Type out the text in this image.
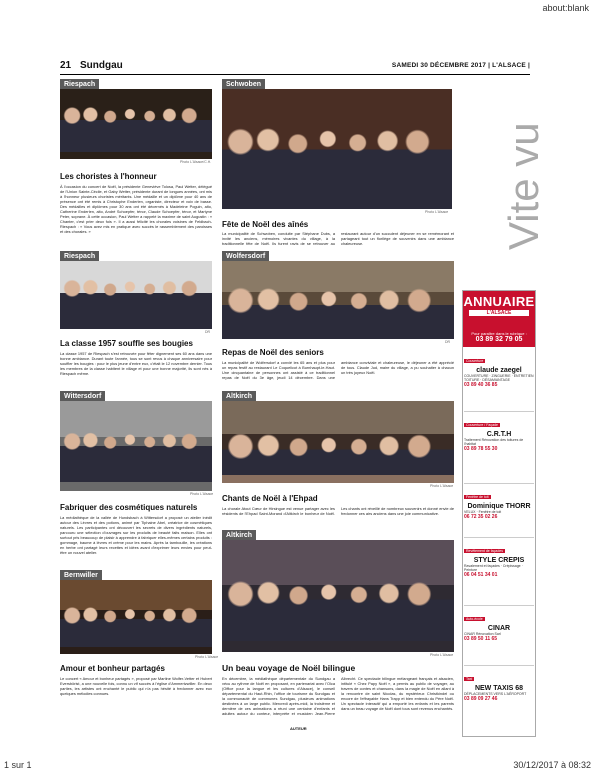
about:blank
1 sur 1	30/12/2017 à 08:32
21 Sundgau	SAMEDI 30 DÉCEMBRE 2017 | L'ALSACE |
Riespach
Photo L'Alsace/C.H.
Les choristes à l'honneur
À l'occasion du concert de Noël, la présidente Geneviève Tolosa, Paul Wetter, délégué de l'Union Sainte-Cécile, et Gaby Wetter, présidente durant de longues années, ont mis à l'honneur plusieurs choristes méritants. Une médaille et un diplôme pour 40 ans de présence ont été remis à Christophe Enderlen, organiste, directeur et voix de basse. Des médailles et diplômes pour 30 ans ont été décernés à Madeleine Poguin, alto, Catherine Enderlen, alto, André Schoepfer, ténor, Claude Schoepfer, ténor, et Martyne Peter, soprane. À cette occasion, Paul Wetter a rappelé la maxime de saint Augustin : « Chanter, c'est prier deux fois ». Il a aussi félicité les chorales voisines de Feldbach-Riespach : « Vous avez mis en pratique avec succès le rassemblement des paroisses et des chorales. »
Schwoben
Photo L'Alsace
Fête de Noël des aînés
La municipalité de Schwoben, conduite par Stéphane Dubs, a invité les anciens, mémoires vivantes du village, à la traditionnelle fête de Noël. Ils furent ravis de se retrouver au restaurant autour d'un succulent déjeuner en se remémorant et partageant tout un florilège de souvenirs dans une ambiance chaleureuse.	Vite vu
Riespach
DR
La classe 1957 souffle ses bougies
La classe 1957 de Riespach s'est retrouvée pour fêter dignement ses 60 ans dans une bonne ambiance. Durant toute l'année, tous se sont revus à chaque anniversaire pour souffler les bougies : pour le plus jeune d'entre eux, c'était le 12 novembre dernier. Tous les membres de la classe habitent le village et pour une bonne majorité, ils sont nés à Riespach même.
Wolfersdorf
DR
Repas de Noël des seniors
La municipalité de Wolfersdorf a convié les 65 ans et plus pour un repas festif au restaurant Le Coquelicot à Burnhaupt-le-Haut. Une cinquantaine de personnes ont assisté à ce traditionnel repas de Noël du 3e âge, jeudi 14 décembre. Dans une ambiance conviviale et chaleureuse, le déjeuner a été apprécié de tous. Claude Jud, maire du village, a pu souhaiter à chacun un très joyeux Noël.
Wittersdorf
Photo L'Alsace
Fabriquer des cosmétiques naturels
La médiathèque de la vallée de Hundsbach à Wittersdorf a proposé un atelier inédit autour des Lèvres et des potions, animé par Tiphaine Abel, créatrice de cosmétiques naturels. Les participantes ont découvert les secrets de divers ingrédients naturels, parcouru une sélection d'ouvrages sur les produits de beauté faits maison. Elles ont surtout pris beaucoup de plaisir à apprendre à fabriquer elles-mêmes certains produits : gommage, baume à lèvres et crème pour les mains. Après la tambouille, les créations en herbe ont partagé leurs recettes et idées avant d'exprimer leurs envies pour peut-être un nouvel atelier.
Altkirch
Photo L'Alsace
Chants de Noël à l'Ehpad
La chorale Atout Cœur de Hirsingue est venue partager avec les résidents de l'Ehpad Saint-Morand d'Altkirch le bonheur de Noël. Les chants ont réveillé de nombreux souvenirs et donné envie de fredonner ces airs anciens dans une joie communicative.
Bernwiller
Photo L'Alsace
Amour et bonheur partagés
Le concert « Amour et bonheur partagés », proposé par Martine Wolfer-Vetter et Hubert Eversbörist, a une nouvelle fois, connu un vif succès à l'église d'Ammertzwiller. En deux parties, les artistes ont enchanté le public qui n'a pas hésité à fredonner avec eux quelques mélodies connues.
Altkirch
Photo L'Alsace
Un beau voyage de Noël bilingue
En décembre, la médiathèque départementale du Sundgau a vécu au rythme de Noël en proposant, en partenariat avec l'Olca (Office pour la langue et les cultures d'Alsace), le conseil départemental du Haut-Rhin, l'office de tourisme du Sundgau et la communauté de communes Sundgau, plusieurs animations destinées à un large public. Mercredi après-midi, la troisième et dernière de ces animations a réuni une centaine d'enfants et adultes autour du conteur, interprète et musicien Jean-Pierre Albrecht. Ce spectacle bilingue mélangeant français et alsacien, intitulé « Chez Papy Noël », a permis au public de voyager, au travers de contes et chansons, dans la magie de Noël en allant à la rencontre de saint Nicolas, du mystérieux Christkindel ou encore de l'effrayable Hans Trapp et bien entendu du Père Noël. Un spectacle interactif qui a emporté les enfants et les parents dans un beau voyage de Noël dont tous sont revenus enchantés.
AUTEUR
ANNUAIRE
L'ALSACE
Pour paraître dans le rubrique :
03 89 32 79 05
Couverture
claude zaegel
COUVERTURE · ZINGUERIE · ENTRETIEN TOITURE · DÉSAMIANTAGE
03 89 40 36 85
Couverture / Façade
C.R.T.H
Traitement Rénovation des toitures de l'habitat
03 89 78 55 30
Fenêtre de toit
Dominique THORR
VELUX · Fenêtre de toit
06 72 35 02 26
Revêtement de façades
STYLE CREPIS
Ravalement et façades · Crépissage · Peinture
06 04 51 34 01
Auto-école
CINAR
CINAR Rénovation Sarl
03 89 50 11 65
Taxi
NEW TAXIS 68
DÉPLACEMENTS VERS L'AÉROPORT
03 89 09 27 46
